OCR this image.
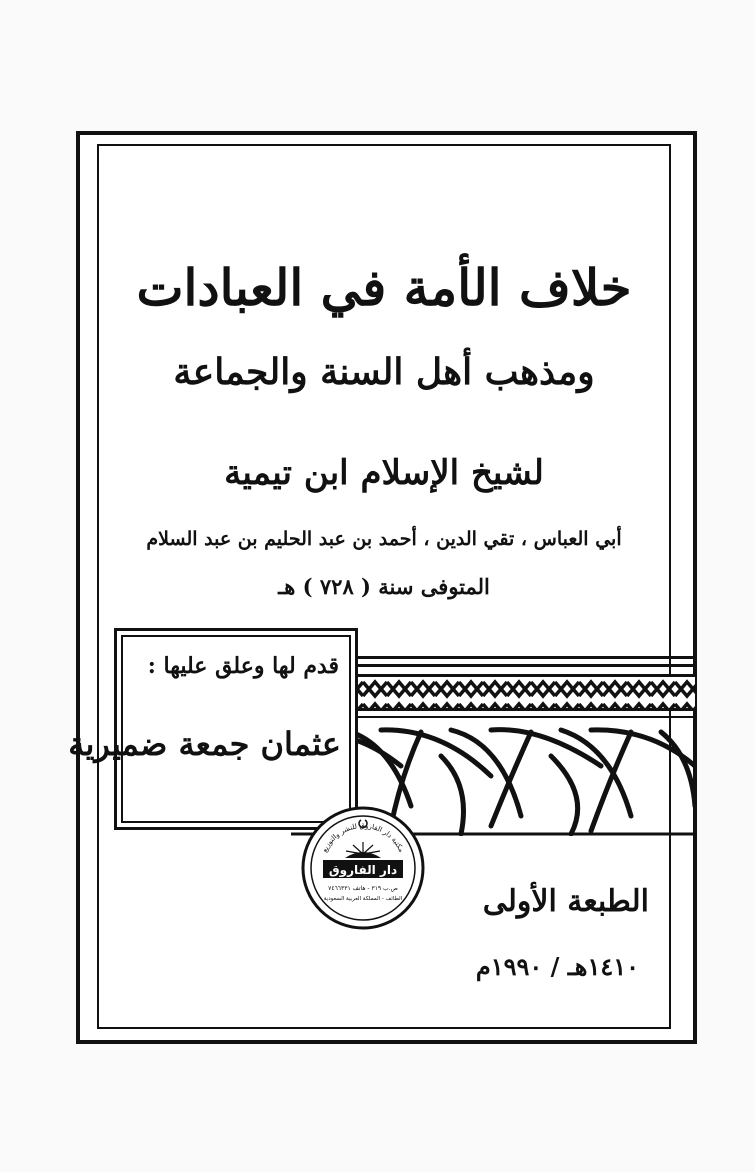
خلاف الأمة في العبادات
ومذهب أهل السنة والجماعة
لشيخ الإسلام ابن تيمية
أبي العباس ، تقي الدين ، أحمد بن عبد الحليم بن عبد السلام
المتوفى سنة ( ٧٢٨ ) هـ
قدم لها وعلق عليها :
عثمان جمعة ضميرية
مكتبة دار الفاروق للنشر والتوزيع
دار الفاروق
ص.ب ٣١٩ - هاتف ٧٤٦٦٣٣١
الطائف - المملكة العربية السعودية	الطبعة الأولى
١٤١٠هـ / ١٩٩٠م
